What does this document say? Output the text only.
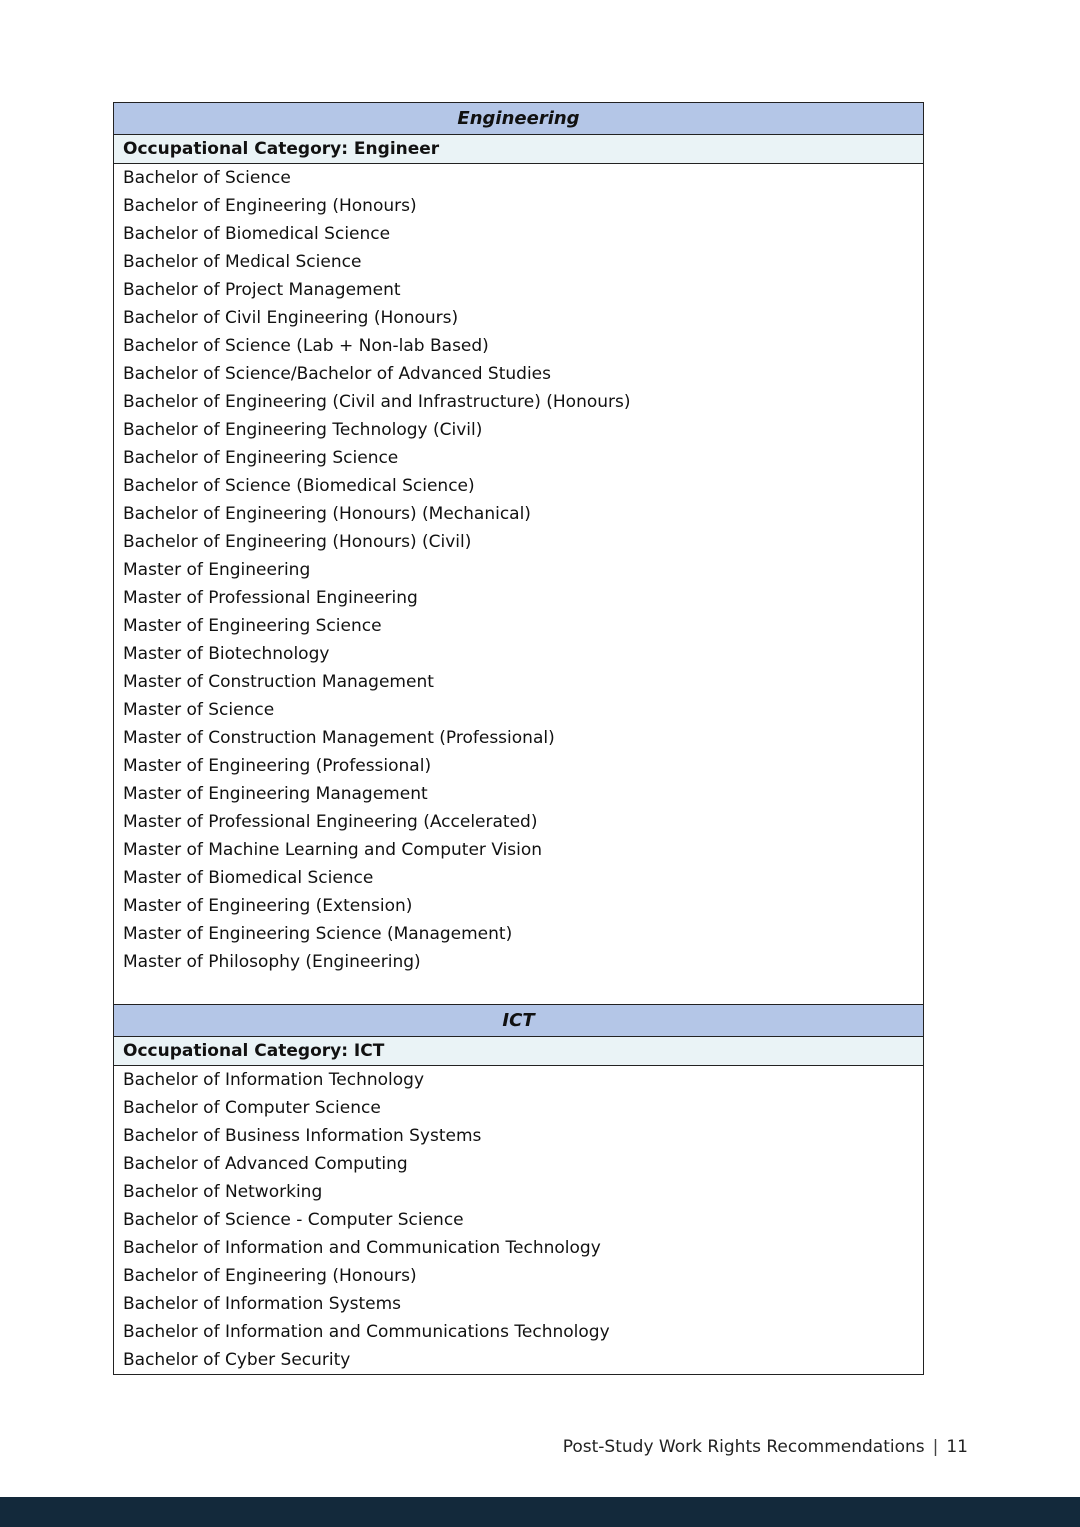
Engineering
Occupational Category: Engineer
Bachelor of Science
Bachelor of Engineering (Honours)
Bachelor of Biomedical Science
Bachelor of Medical Science
Bachelor of Project Management
Bachelor of Civil Engineering (Honours)
Bachelor of Science (Lab + Non-lab Based)
Bachelor of Science/Bachelor of Advanced Studies
Bachelor of Engineering (Civil and Infrastructure) (Honours)
Bachelor of Engineering Technology (Civil)
Bachelor of Engineering Science
Bachelor of Science (Biomedical Science)
Bachelor of Engineering (Honours) (Mechanical)
Bachelor of Engineering (Honours) (Civil)
Master of Engineering
Master of Professional Engineering
Master of Engineering Science
Master of Biotechnology
Master of Construction Management
Master of Science
Master of Construction Management (Professional)
Master of Engineering (Professional)
Master of Engineering Management
Master of Professional Engineering (Accelerated)
Master of Machine Learning and Computer Vision
Master of Biomedical Science
Master of Engineering (Extension)
Master of Engineering Science (Management)
Master of Philosophy (Engineering)
ICT
Occupational Category: ICT
Bachelor of Information Technology
Bachelor of Computer Science
Bachelor of Business Information Systems
Bachelor of Advanced Computing
Bachelor of Networking
Bachelor of Science - Computer Science
Bachelor of Information and Communication Technology
Bachelor of Engineering (Honours)
Bachelor of Information Systems
Bachelor of Information and Communications Technology
Bachelor of Cyber Security
Post-Study Work Rights Recommendations | 11
